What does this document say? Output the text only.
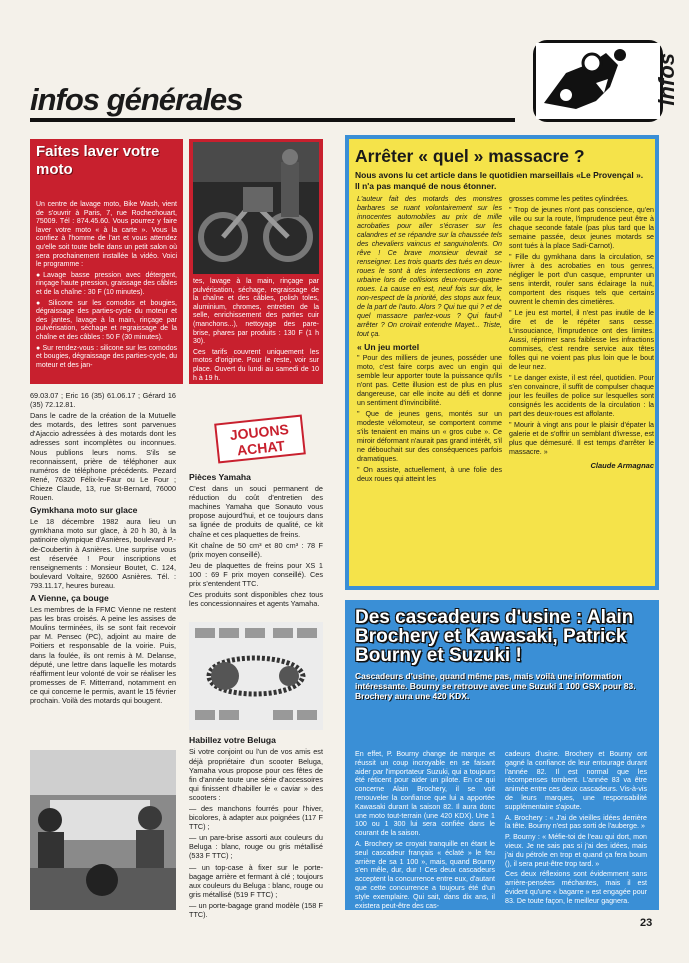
infos générales	infos
Faites laver votre moto

Un centre de lavage moto, Bike Wash, vient de s'ouvrir à Paris, 7, rue Rochechouart, 75009. Tél : 874.45.60. Vous pourrez y faire laver votre moto « à la carte ». Vous la confiez à l'homme de l'art et vous attendez qu'elle soit toute belle dans un petit salon où sera prochainement installée la vidéo. Voici le programme :

●Lavage basse pression avec détergent, rinçage haute pression, graissage des câbles et de la chaîne : 30 F (10 minutes).

● Silicone sur les comodos et bougies, dégraissage des parties-cycle du moteur et des jantes, lavage à la main, rinçage par pulvérisation, séchage et regraissage de la chaîne et des câbles : 50 F (30 minutes).

● Sur rendez-vous : silicone sur les comodos et bougies, dégraissage des parties-cycle, du moteur et des jan-

tes, lavage à la main, rinçage par pulvérisation, séchage, regraissage de la chaîne et des câbles, polish toles, aluminium, chromes, entretien de la selle, enrichissement des parties cuir (manchons...), nettoyage des pare-brise, phares par produits : 130 F (1 h 30).

Ces tarifs couvrent uniquement les motos d'origine. Pour le reste, voir sur place. Ouvert du lundi au samedi de 10 h à 19 h.

69.03.07 ; Eric 16 (35) 61.06.17 ; Gérard 16 (35) 72.12.81.

Dans le cadre de la création de la Mutuelle des motards, des lettres sont parvenues d'Ajaccio adressées à des motards dont les adresses sont incomplètes ou inconnues. Nous publions leurs noms. S'ils se reconnaissent, prière de téléphoner aux numéros de téléphone précédents. Pezard René, 76320 Félix-le-Faur ou Le Four ; Chieze Claude, 13, rue St-Bernard, 76000 Rouen.

Gymkhana moto sur glace

Le 18 décembre 1982 aura lieu un gymkhana moto sur glace, à 20 h 30, à la patinoire olympique d'Asnières, boulevard P.-de-Coubertin à Asnières. Une surprise vous est réservée ! Pour inscriptions et renseignements : Monsieur Boutet, C. 124, boulevard Voltaire, 92600 Asnières. Tél. : 793.11.17, heures bureau.

A Vienne, ça bouge

Les membres de la FFMC Vienne ne restent pas les bras croisés. A peine les assises de Moulins terminées, ils se sont fait recevoir par M. Pensec (PC), adjoint au maire de Poitiers et responsable de la voirie. Puis, dans la foulée, ils ont remis à M. Delanse, député, une lettre dans laquelle les motards réaffirment leur volonté de voir se réaliser les promesses de F. Mitterrand, notamment en ce qui concerne le permis, avant le 15 février prochain. Voilà des motards qui bougent.

JOUONS ACHAT
Pièces Yamaha

C'est dans un souci permanent de réduction du coût d'entretien des machines Yamaha que Sonauto vous propose aujourd'hui, et ce toujours dans sa lignée de produits de qualité, ce kit chaîne et ces plaquettes de freins.

Kit chaîne de 50 cm³ et 80 cm³ : 78 F (prix moyen conseillé).

Jeu de plaquettes de freins pour XS 1 100 : 69 F prix moyen conseillé). Ces prix s'entendent TTC.

Ces produits sont disponibles chez tous les concessionnaires et agents Yamaha.

Habillez votre Beluga

Si votre conjoint ou l'un de vos amis est déjà propriétaire d'un scooter Beluga, Yamaha vous propose pour ces fêtes de fin d'année toute une série d'accessoires qui finissent d'habiller le « caviar » des scooters :

— des manchons fourrés pour l'hiver, bicolores, à adapter aux poignées (117 F TTC) ;

— un pare-brise assorti aux couleurs du Beluga : blanc, rouge ou gris métallisé (533 F TTC) ;

— un top-case à fixer sur le porte-bagage arrière et fermant à clé ; toujours aux couleurs du Beluga : blanc, rouge ou gris métallisé (519 F TTC) ;

— un porte-bagage grand modèle (158 F TTC).

Arrêter « quel » massacre ?
Nous avons lu cet article dans le quotidien marseillais «Le Provençal ». Il n'a pas manqué de nous étonner.

L'auteur fait des motards des monstres barbares se ruant volontairement sur les innocentes automobiles au prix de mille acrobaties pour aller s'écraser sur les calandres et se répandre sur la chaussée tels des chevaliers vaincus et sanguinolents. On rêve ! Ce brave monsieur devrait se renseigner. Les trois quarts des tués en deux-roues le sont à des intersections en zone urbaine lors de collisions deux-roues-quatre-roues. La cause en est, neuf fois sur dix, le non-respect de la priorité, des stops aux feux, de la part de l'auto. Alors ? Qui tue qui ? et de quel massacre parlez-vous ? Qui faut-il arrêter ? On croirait entendre Mayet... Triste, tout ça.

« Un jeu mortel

" Pour des milliers de jeunes, posséder une moto, c'est faire corps avec un engin qui semble leur apporter toute la puissance qu'ils n'ont pas. Cette illusion est de plus en plus dangereuse, car elle incite au défi et donne un sentiment d'invincibilité.

" Que de jeunes gens, montés sur un modeste vélomoteur, se comportent comme s'ils tenaient en mains un « gros cube ». Ce miroir déformant n'aurait pas grand intérêt, s'il ne débouchait sur des conséquences parfois dramatiques.

" On assiste, actuellement, à une folie des deux roues qui atteint les

grosses comme les petites cylindrées.

" Trop de jeunes n'ont pas conscience, qu'en ville ou sur la route, l'imprudence peut être à chaque seconde fatale (pas plus tard que la semaine passée, deux jeunes motards se sont tués à la place Sadi-Carnot).

" Fille du gymkhana dans la circulation, se livrer à des acrobaties en tous genres, négliger le port d'un casque, emprunter un sens interdit, rouler sans éclairage la nuit, comportent des risques tels que certains ouvrent le chemin des cimetières.

" Le jeu est mortel, il n'est pas inutile de le dire et de le répéter sans cesse. L'insouciance, l'imprudence ont des limites. Aussi, réprimer sans faiblesse les infractions commises, c'est rendre service aux têtes folles qui ne voient pas plus loin que le bout de leur nez.

" Le danger existe, il est réel, quotidien. Pour s'en convaincre, il suffit de compulser chaque jour les feuilles de police sur lesquelles sont consignés les accidents de la circulation : la part des deux-roues est affolante.

" Mourir à vingt ans pour le plaisir d'épater la galerie et de s'offrir un semblant d'ivresse, est plus que démesuré. Il est temps d'arrêter le massacre. »

Claude Armagnac
Des cascadeurs d'usine : Alain Brochery et Kawasaki, Patrick Bourny et Suzuki !
Cascadeurs d'usine, quand même pas, mais voilà une information intéressante. Bourny se retrouve avec une Suzuki 1 100 GSX pour 83. Brochery aura une 420 KDX.

En effet, P. Bourny change de marque et réussit un coup incroyable en se faisant aider par l'importateur Suzuki, qui a toujours été réticent pour aider un pilote. En ce qui concerne Alain Brochery, il se voit renouveler la confiance que lui a apportée Kawasaki durant la saison 82. Il aura donc une moto tout-terrain (une 420 KDX). Une 1 100 ou 1 300 lui sera confiée dans le courant de la saison.

A. Brochery se croyait tranquille en étant le seul cascadeur français « éclaté » le feu arrière de sa 1 100 », mais, quand Bourny s'en mêle, dur, dur ! Ces deux cascadeurs acceptent la concurrence entre eux, d'autant que cette concurrence a toujours été d'un style exemplaire. Qui sait, dans dix ans, il existera peut-être des cas-

cadeurs d'usine. Brochery et Bourny ont gagné la confiance de leur entourage durant l'année 82. Il est normal que les récompenses tombent. L'année 83 va être animée entre ces deux cascadeurs. Vis-à-vis de leurs marques, une responsabilité supplémentaire s'ajoute.

A. Brochery : « J'ai de vieilles idées derrière la tête. Bourny n'est pas sorti de l'auberge. »

P. Bourny : « Méfie-toi de l'eau qui dort, mon vieux. Je ne sais pas si j'ai des idées, mais j'ai du pétrole en trop et quand ça fera boum (), il sera peut-être trop tard. »

Ces deux réflexions sont évidemment sans arrière-pensées méchantes, mais il est évident qu'une « bagarre » est engagée pour 83. De toute façon, le meilleur gagnera.

23
